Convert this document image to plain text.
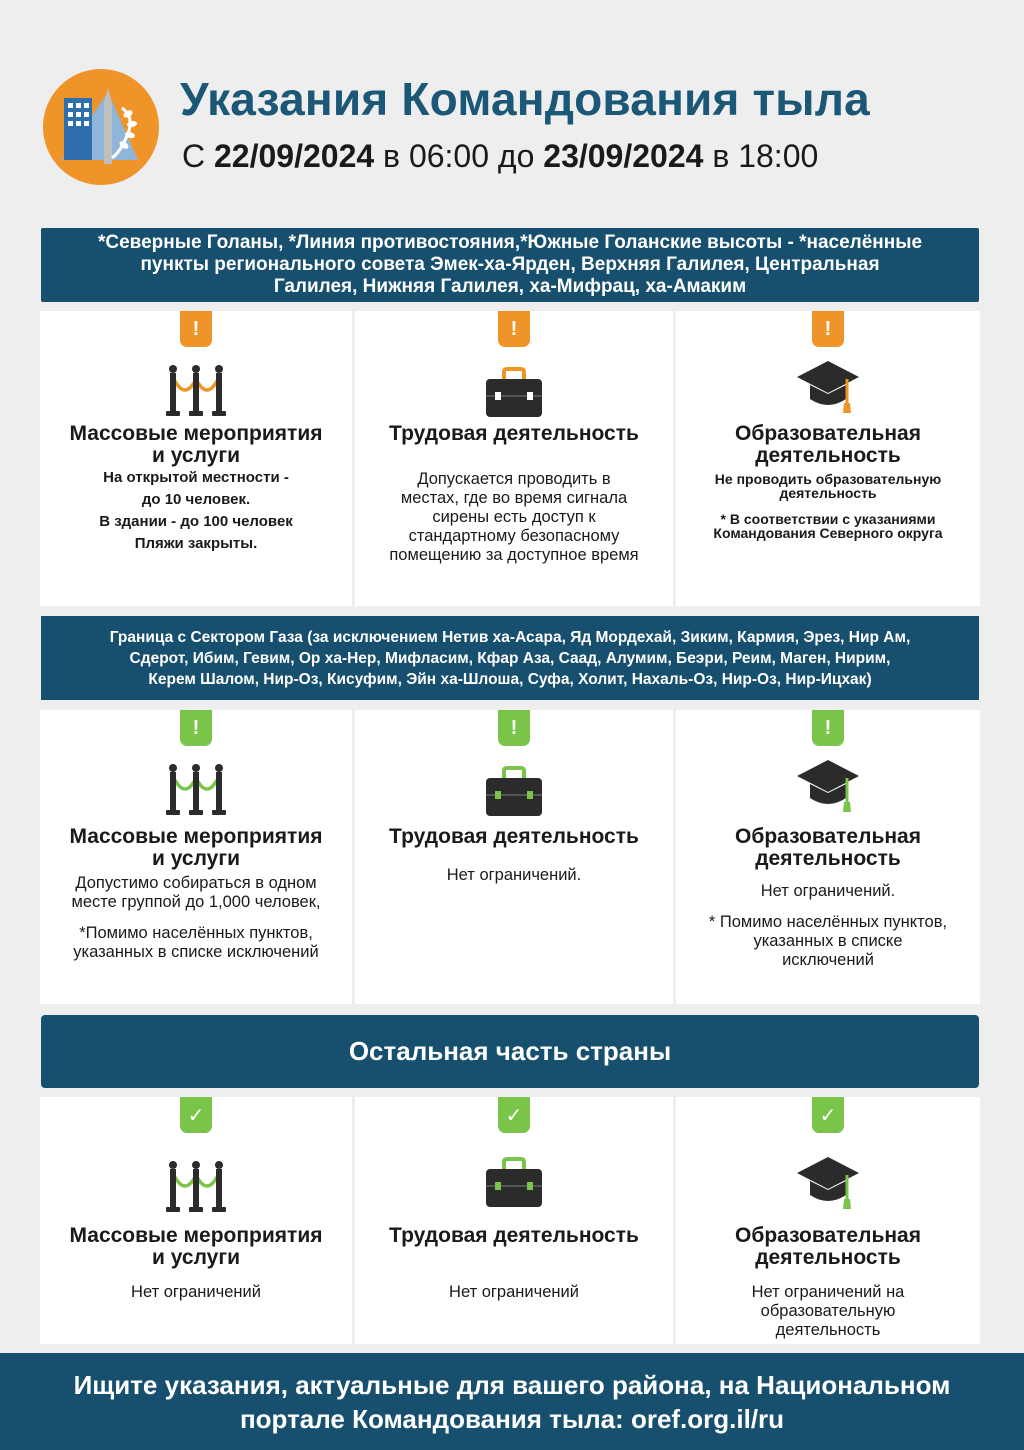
Указания Командования тыла
С 22/09/2024 в 06:00 до 23/09/2024 в 18:00
*Северные Голаны, *Линия противостояния,*Южные Голанские высоты - *населённые
пункты регионального совета Эмек-ха-Ярден, Верхняя Галилея, Центральная
Галилея, Нижняя Галилея, ха-Мифрац, ха-Амаким
!
Массовые мероприятия
и услуги

На открытой местности -

до 10 человек.

В здании - до 100 человек

Пляжи закрыты.

!
Трудовая деятельность

Допускается проводить в

местах, где во время сигнала

сирены есть доступ к

стандартному безопасному

помещению за доступное время

!
Образовательная
деятельность

Не проводить образовательную

деятельность

* В соответствии с указаниями

Командования Северного округа

Граница с Сектором Газа (за исключением Нетив ха-Асара, Яд Мордехай, Зиким, Кармия, Эрез, Нир Ам,
Сдерот, Ибим, Гевим, Ор ха-Нер, Мифласим, Кфар Аза, Саад, Алумим, Беэри, Реим, Маген, Нирим,
Керем Шалом, Нир-Оз, Кисуфим, Эйн ха-Шлоша, Суфа, Холит, Нахаль-Оз, Нир-Оз, Нир-Ицхак)
!
Массовые мероприятия
и услуги

Допустимо собираться в одном

месте группой до 1,000 человек,

*Помимо населённых пунктов,

указанных в списке исключений

!
Трудовая деятельность

Нет ограничений.

!
Образовательная
деятельность

Нет ограничений.

* Помимо населённых пунктов,

указанных в списке

исключений

Остальная часть страны
✓
Массовые мероприятия
и услуги

Нет ограничений

✓
Трудовая деятельность

Нет ограничений

✓
Образовательная
деятельность

Нет ограничений на

образовательную

деятельность

Ищите указания, актуальные для вашего района, на Национальном
портале Командования тыла: oref.org.il/ru
